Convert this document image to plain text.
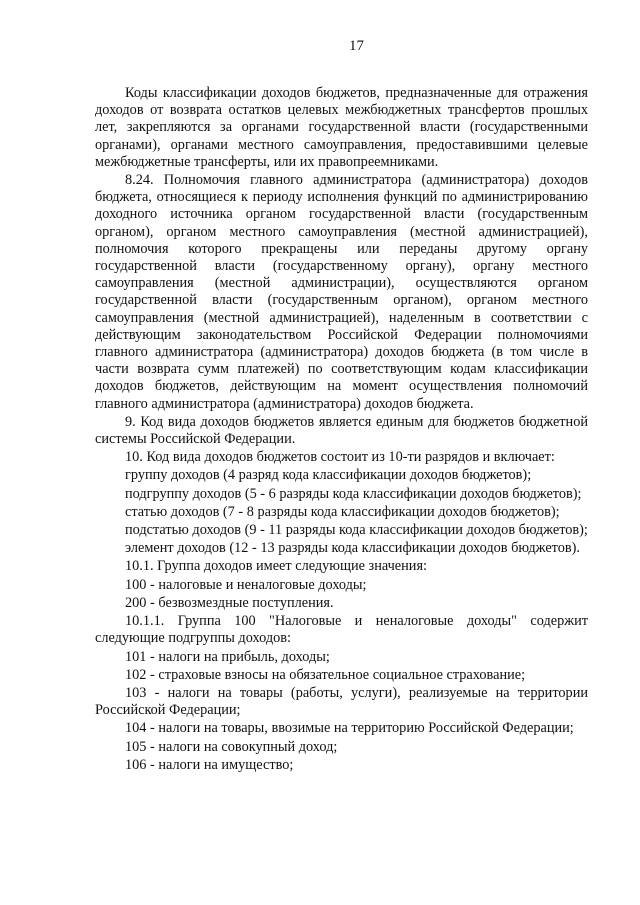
17

Коды классификации доходов бюджетов, предназначенные для отражения доходов от возврата остатков целевых межбюджетных трансфертов прошлых лет, закрепляются за органами государственной власти (государственными органами), органами местного самоуправления, предоставившими целевые межбюджетные трансферты, или их правопреемниками.

8.24. Полномочия главного администратора (администратора) доходов бюджета, относящиеся к периоду исполнения функций по администрированию доходного источника органом государственной власти (государственным органом), органом местного самоуправления (местной администрацией), полномочия которого прекращены или переданы другому органу государственной власти (государственному органу), органу местного самоуправления (местной администрации), осуществляются органом государственной власти (государственным органом), органом местного самоуправления (местной администрацией), наделенным в соответствии с действующим законодательством Российской Федерации полномочиями главного администратора (администратора) доходов бюджета (в том числе в части возврата сумм платежей) по соответствующим кодам классификации доходов бюджетов, действующим на момент осуществления полномочий главного администратора (администратора) доходов бюджета.

9. Код вида доходов бюджетов является единым для бюджетов бюджетной системы Российской Федерации.

10. Код вида доходов бюджетов состоит из 10-ти разрядов и включает:

группу доходов (4 разряд кода классификации доходов бюджетов);

подгруппу доходов (5 - 6 разряды кода классификации доходов бюджетов);

статью доходов (7 - 8 разряды кода классификации доходов бюджетов);

подстатью доходов (9 - 11 разряды кода классификации доходов бюджетов);

элемент доходов (12 - 13 разряды кода классификации доходов бюджетов).

10.1. Группа доходов имеет следующие значения:

100 - налоговые и неналоговые доходы;

200 - безвозмездные поступления.

10.1.1. Группа 100 "Налоговые и неналоговые доходы" содержит следующие подгруппы доходов:

101 - налоги на прибыль, доходы;

102 - страховые взносы на обязательное социальное страхование;

103 - налоги на товары (работы, услуги), реализуемые на территории Российской Федерации;

104 - налоги на товары, ввозимые на территорию Российской Федерации;

105 - налоги на совокупный доход;

106 - налоги на имущество;
